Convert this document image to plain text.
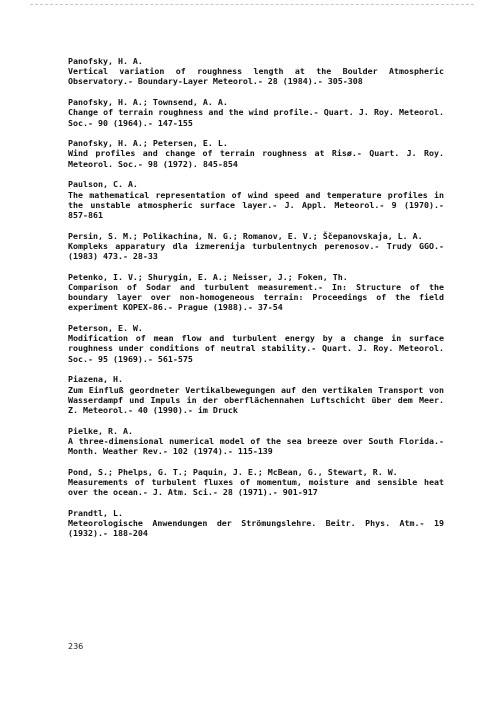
Panofsky, H. A.
Vertical variation of roughness length at the Boulder Atmospheric Observatory.- Boundary-Layer Meteorol.- 28 (1984).- 305-308
Panofsky, H. A.; Townsend, A. A.
Change of terrain roughness and the wind profile.- Quart. J. Roy. Meteorol. Soc.- 90 (1964).- 147-155
Panofsky, H. A.; Petersen, E. L.
Wind profiles and change of terrain roughness at Risø.- Quart. J. Roy. Meteorol. Soc.- 98 (1972). 845-854
Paulson, C. A.
The mathematical representation of wind speed and temperature profiles in the unstable atmospheric surface layer.- J. Appl. Meteorol.- 9 (1970).- 857-861
Persin, S. M.; Polikachina, N. G.; Romanov, E. V.; Š̌cepanovskaja, L. A.
Kompleks apparatury dla izmerenija turbulentnych perenosov.- Trudy GGO.- (1983) 473.- 28-33
Petenko, I. V.; Shurygin, E. A.; Neisser, J.; Foken, Th.
Comparison of Sodar and turbulent measurement.- In: Structure of the boundary layer over non-homogeneous terrain: Proceedings of the field experiment KOPEX-86.- Prague (1988).- 37-54
Peterson, E. W.
Modification of mean flow and turbulent energy by a change in surface roughness under conditions of neutral stability.- Quart. J. Roy. Meteorol. Soc.- 95 (1969).- 561-575
Piazena, H.
Zum Einfluß geordneter Vertikalbewegungen auf den vertikalen Transport von Wasserdampf und Impuls in der oberflächennahen Luftschicht über dem Meer. Z. Meteorol.- 40 (1990).- im Druck
Pielke, R. A.
A three-dimensional numerical model of the sea breeze over South Florida.- Month. Weather Rev.- 102 (1974).- 115-139
Pond, S.; Phelps, G. T.; Paquin, J. E.; McBean, G., Stewart, R. W.
Measurements of turbulent fluxes of momentum, moisture and sensible heat over the ocean.- J. Atm. Sci.- 28 (1971).- 901-917
Prandtl, L.
Meteorologische Anwendungen der Strömungslehre. Beitr. Phys. Atm.- 19 (1932).- 188-204
236
